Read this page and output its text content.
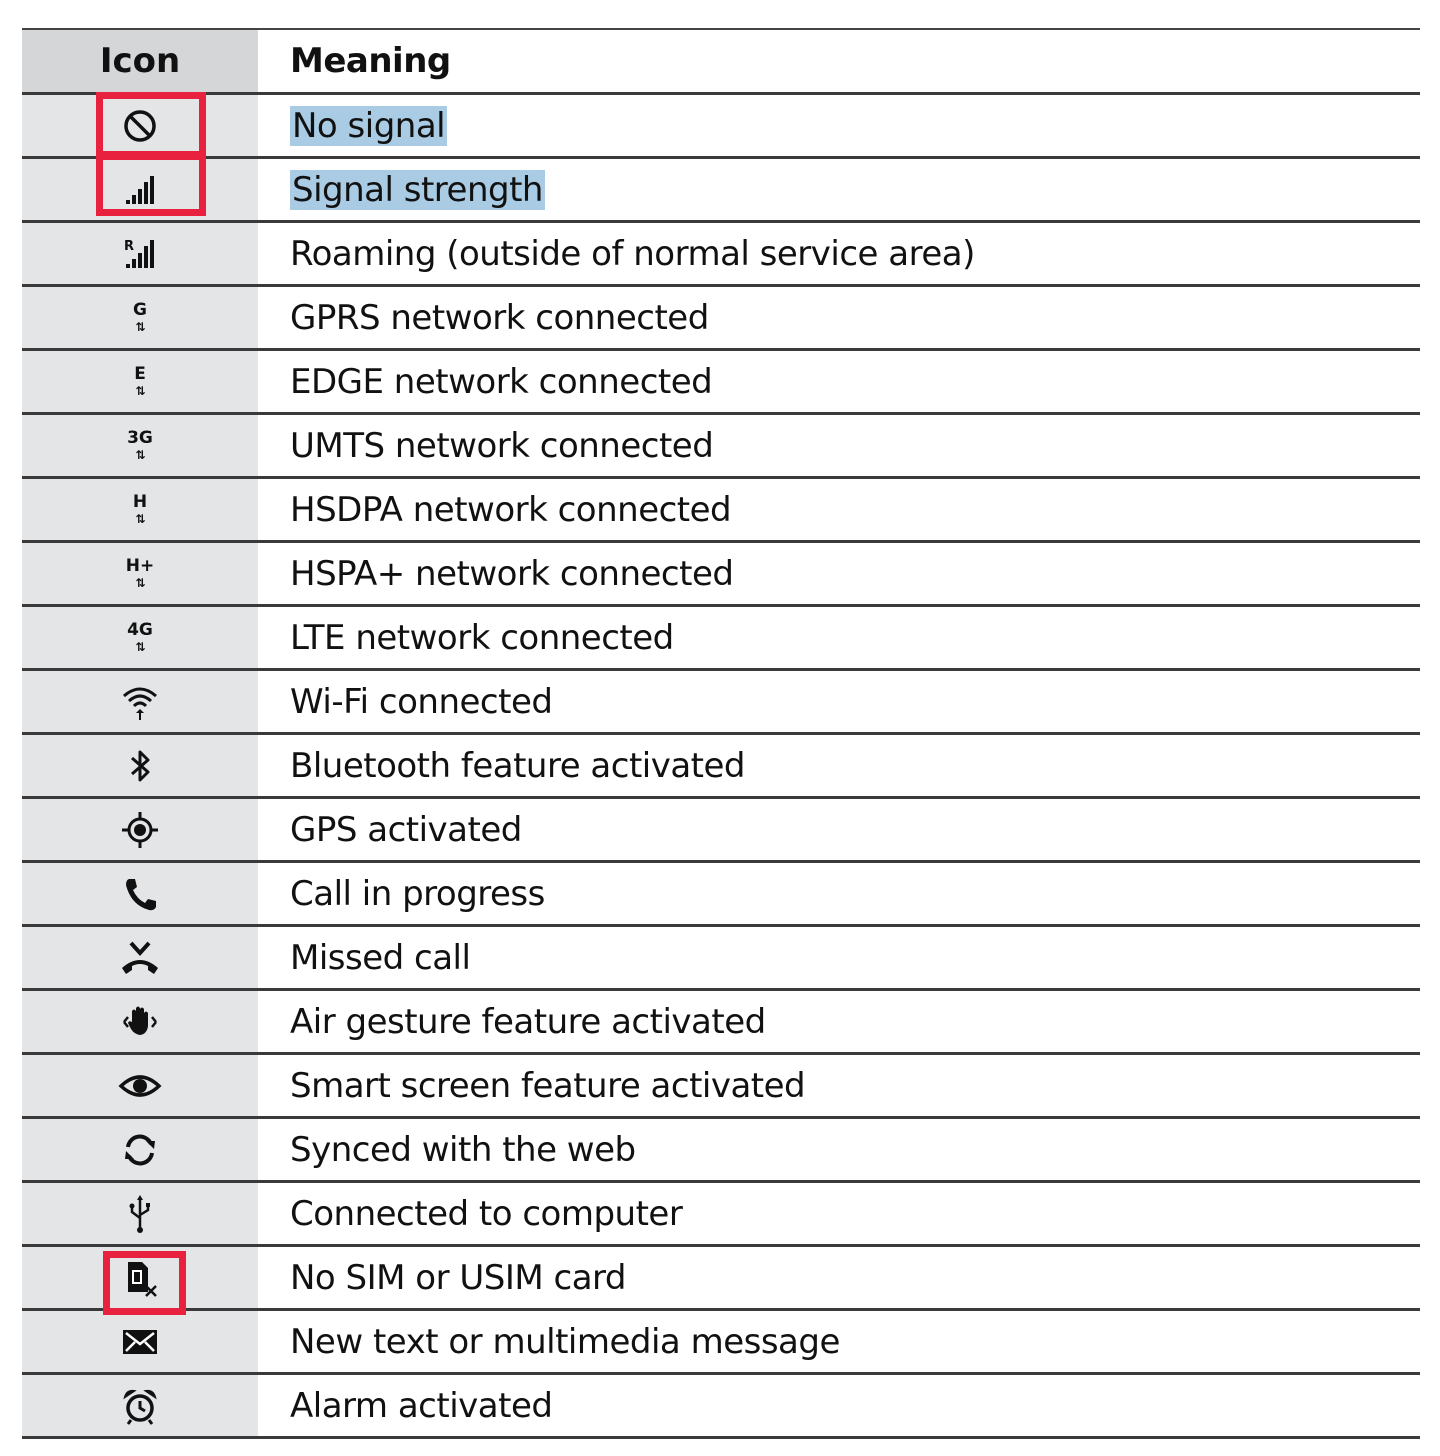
Icon	Meaning
No signal
Signal strength
R	Roaming (outside of normal service area)
G
⇅	GPRS network connected
E
⇅	EDGE network connected
3G
⇅	UMTS network connected
H
⇅	HSDPA network connected
H+
⇅	HSPA+ network connected
4G
⇅	LTE network connected
Wi-Fi connected
Bluetooth feature activated
GPS activated
Call in progress
Missed call
Air gesture feature activated
Smart screen feature activated
Synced with the web
Connected to computer
No SIM or USIM card
New text or multimedia message
Alarm activated
